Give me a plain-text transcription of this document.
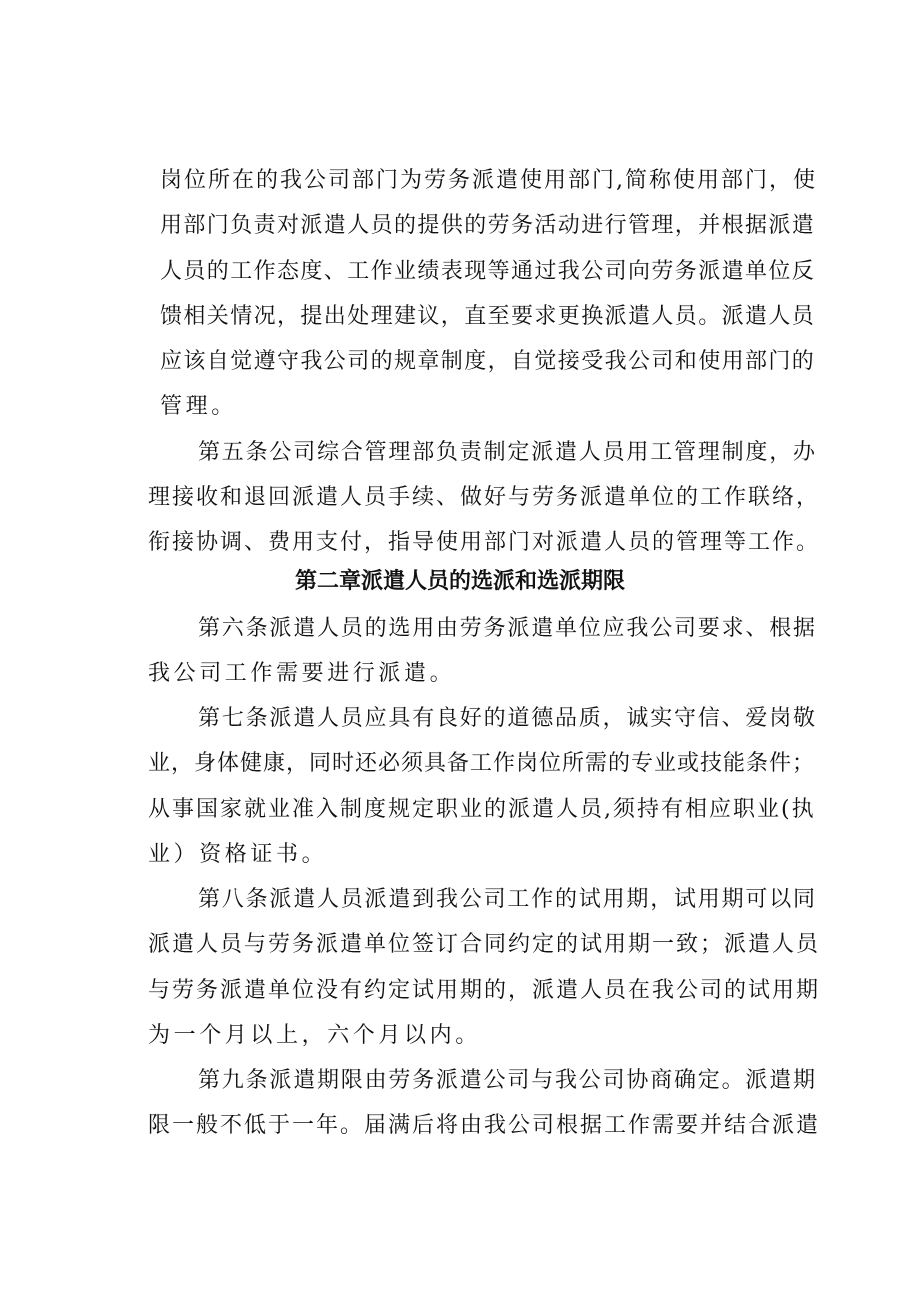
岗位所在的我公司部门为劳务派遣使用部门,简称使用部门，使
用部门负责对派遣人员的提供的劳务活动进行管理，并根据派遣
人员的工作态度、工作业绩表现等通过我公司向劳务派遣单位反
馈相关情况，提出处理建议，直至要求更换派遣人员。派遣人员
应该自觉遵守我公司的规章制度，自觉接受我公司和使用部门的
管理。
第五条公司综合管理部负责制定派遣人员用工管理制度，办
理接收和退回派遣人员手续、做好与劳务派遣单位的工作联络，
衔接协调、费用支付，指导使用部门对派遣人员的管理等工作。
第二章派遣人员的选派和选派期限
第六条派遣人员的选用由劳务派遣单位应我公司要求、根据
我公司工作需要进行派遣。
第七条派遣人员应具有良好的道德品质，诚实守信、爱岗敬
业，身体健康，同时还必须具备工作岗位所需的专业或技能条件；
从事国家就业准入制度规定职业的派遣人员,须持有相应职业(执
业）资格证书。
第八条派遣人员派遣到我公司工作的试用期，试用期可以同
派遣人员与劳务派遣单位签订合同约定的试用期一致；派遣人员
与劳务派遣单位没有约定试用期的，派遣人员在我公司的试用期
为一个月以上，六个月以内。
第九条派遣期限由劳务派遣公司与我公司协商确定。派遣期
限一般不低于一年。届满后将由我公司根据工作需要并结合派遣
